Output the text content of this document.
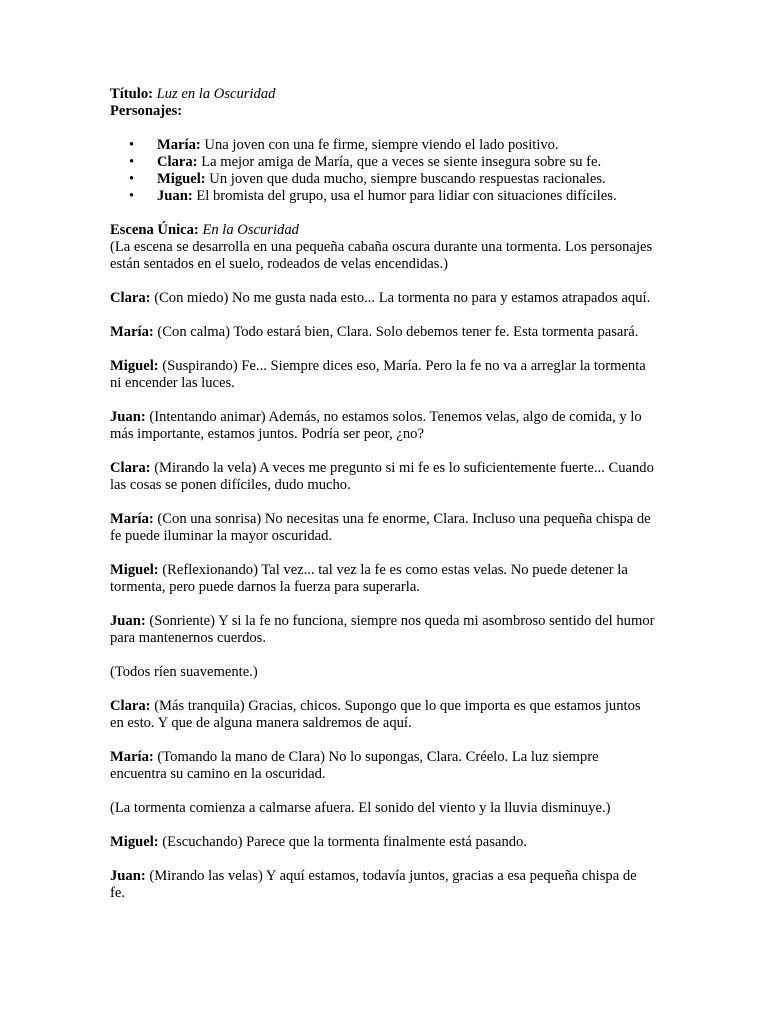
Título: Luz en la Oscuridad
Personajes:
• María: Una joven con una fe firme, siempre viendo el lado positivo.
• Clara: La mejor amiga de María, que a veces se siente insegura sobre su fe.
• Miguel: Un joven que duda mucho, siempre buscando respuestas racionales.
• Juan: El bromista del grupo, usa el humor para lidiar con situaciones difíciles.
Escena Única: En la Oscuridad
(La escena se desarrolla en una pequeña cabaña oscura durante una tormenta. Los personajes están sentados en el suelo, rodeados de velas encendidas.)

Clara: (Con miedo) No me gusta nada esto... La tormenta no para y estamos atrapados aquí.

María: (Con calma) Todo estará bien, Clara. Solo debemos tener fe. Esta tormenta pasará.

Miguel: (Suspirando) Fe... Siempre dices eso, María. Pero la fe no va a arreglar la tormenta ni encender las luces.

Juan: (Intentando animar) Además, no estamos solos. Tenemos velas, algo de comida, y lo más importante, estamos juntos. Podría ser peor, ¿no?

Clara: (Mirando la vela) A veces me pregunto si mi fe es lo suficientemente fuerte... Cuando las cosas se ponen difíciles, dudo mucho.

María: (Con una sonrisa) No necesitas una fe enorme, Clara. Incluso una pequeña chispa de fe puede iluminar la mayor oscuridad.

Miguel: (Reflexionando) Tal vez... tal vez la fe es como estas velas. No puede detener la tormenta, pero puede darnos la fuerza para superarla.

Juan: (Sonriente) Y si la fe no funciona, siempre nos queda mi asombroso sentido del humor para mantenernos cuerdos.

(Todos ríen suavemente.)

Clara: (Más tranquila) Gracias, chicos. Supongo que lo que importa es que estamos juntos en esto. Y que de alguna manera saldremos de aquí.

María: (Tomando la mano de Clara) No lo supongas, Clara. Créelo. La luz siempre encuentra su camino en la oscuridad.

(La tormenta comienza a calmarse afuera. El sonido del viento y la lluvia disminuye.)

Miguel: (Escuchando) Parece que la tormenta finalmente está pasando.

Juan: (Mirando las velas) Y aquí estamos, todavía juntos, gracias a esa pequeña chispa de fe.
